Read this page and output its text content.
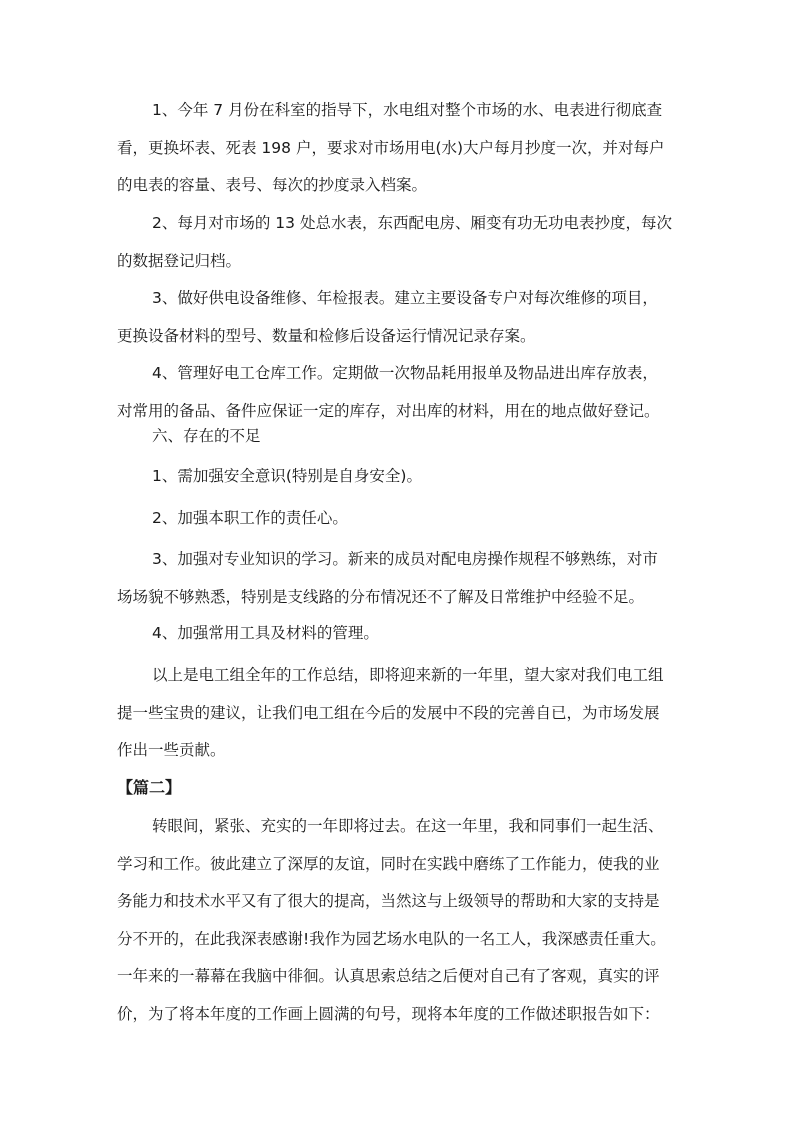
1、今年 7 月份在科室的指导下，水电组对整个市场的水、电表进行彻底查
看，更换坏表、死表 198 户，要求对市场用电(水)大户每月抄度一次，并对每户
的电表的容量、表号、每次的抄度录入档案。

2、每月对市场的 13 处总水表，东西配电房、厢变有功无功电表抄度，每次
的数据登记归档。

3、做好供电设备维修、年检报表。建立主要设备专户对每次维修的项目，
更换设备材料的型号、数量和检修后设备运行情况记录存案。

4、管理好电工仓库工作。定期做一次物品耗用报单及物品进出库存放表，
对常用的备品、备件应保证一定的库存，对出库的材料，用在的地点做好登记。

六、存在的不足

1、需加强安全意识(特别是自身安全)。

2、加强本职工作的责任心。

3、加强对专业知识的学习。新来的成员对配电房操作规程不够熟练，对市
场场貌不够熟悉，特别是支线路的分布情况还不了解及日常维护中经验不足。

4、加强常用工具及材料的管理。

以上是电工组全年的工作总结，即将迎来新的一年里，望大家对我们电工组
提一些宝贵的建议，让我们电工组在今后的发展中不段的完善自已，为市场发展
作出一些贡献。

【篇二】

转眼间，紧张、充实的一年即将过去。在这一年里，我和同事们一起生活、
学习和工作。彼此建立了深厚的友谊，同时在实践中磨练了工作能力，使我的业
务能力和技术水平又有了很大的提高，当然这与上级领导的帮助和大家的支持是
分不开的，在此我深表感谢!我作为园艺场水电队的一名工人，我深感责任重大。
一年来的一幕幕在我脑中徘徊。认真思索总结之后便对自己有了客观，真实的评
价，为了将本年度的工作画上圆满的句号，现将本年度的工作做述职报告如下：
